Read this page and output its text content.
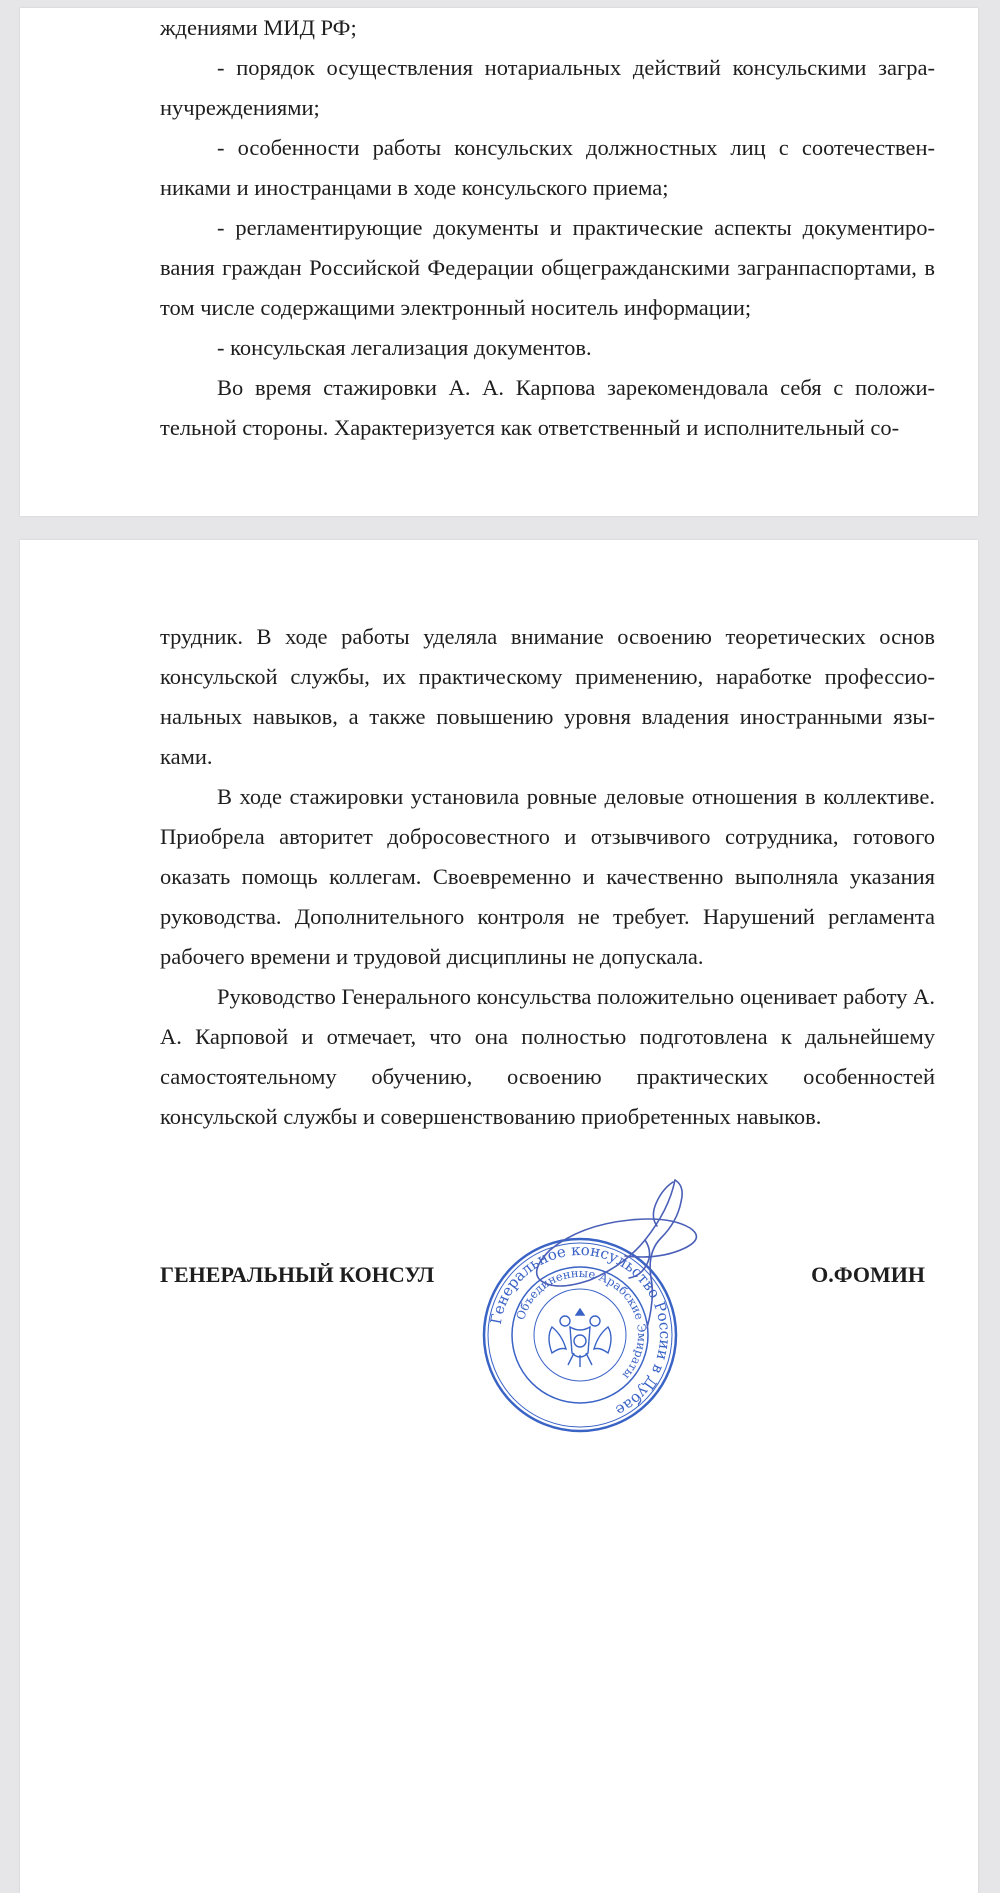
ждениями МИД РФ;

- порядок осуществления нотариальных действий консульскими загранучреждениями;

- особенности работы консульских должностных лиц с соотечественниками и иностранцами в ходе консульского приема;

- регламентирующие документы и практические аспекты документирования граждан Российской Федерации общегражданскими загранпаспортами, в том числе содержащими электронный носитель информации;

- консульская легализация документов.

Во время стажировки А. А. Карпова зарекомендовала себя с положительной стороны. Характеризуется как ответственный и исполнительный со-

трудник. В ходе работы уделяла внимание освоению теоретических основ консульской службы, их практическому применению, наработке профессиональных навыков, а также повышению уровня владения иностранными языками.

В ходе стажировки установила ровные деловые отношения в коллективе. Приобрела авторитет добросовестного и отзывчивого сотрудника, готового оказать помощь коллегам. Своевременно и качественно выполняла указания руководства. Дополнительного контроля не требует. Нарушений регламента рабочего времени и трудовой дисциплины не допускала.

Руководство Генерального консульства положительно оценивает работу А. А. Карповой и отмечает, что она полностью подготовлена к дальнейшему самостоятельному обучению, освоению практических особенностей консульской службы и совершенствованию приобретенных навыков.

ГЕНЕРАЛЬНЫЙ КОНСУЛ	О.ФОМИН
Генеральное консульство России в Дубае
Объединенные Арабские Эмираты
